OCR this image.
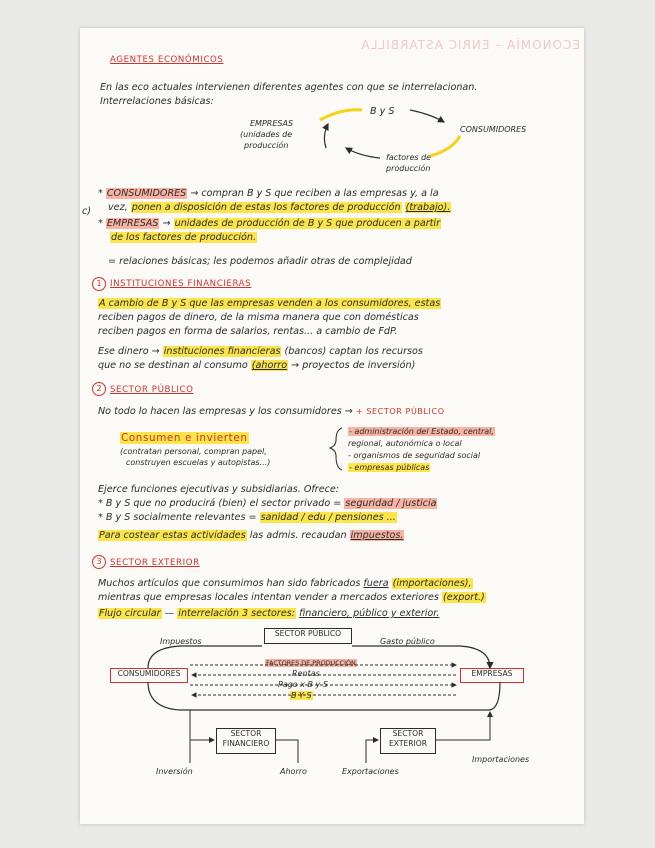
ECONOMÍA – ENRIC ASTARBILLA
AGENTES ECONÓMICOS
En las eco actuales intervienen diferentes agentes con que se interrelacionan.
Interrelaciones básicas:
EMPRESAS
(unidades de
producción
B y S
CONSUMIDORES
factores de
producción
* CONSUMIDORES → compran B y S que reciben a las empresas y, a la
c) vez, ponen a disposición de estas los factores de producción (trabajo).
* EMPRESAS → unidades de producción de B y S que producen a partir
de los factores de producción.
= relaciones básicas; les podemos añadir otras de complejidad
1 INSTITUCIONES FINANCIERAS
A cambio de B y S que las empresas venden a los consumidores, estas
reciben pagos de dinero, de la misma manera que con domésticas
reciben pagos en forma de salarios, rentas... a cambio de FdP.
Ese dinero → instituciones financieras (bancos) captan los recursos
que no se destinan al consumo (ahorro → proyectos de inversión)
2 SECTOR PÚBLICO
No todo lo hacen las empresas y los consumidores → + SECTOR PÚBLICO
Consumen e invierten
(contratan personal, compran papel,
construyen escuelas y autopistas...)
- administración del Estado, central,
regional, autonómica o local
- organismos de seguridad social
- empresas públicas
Ejerce funciones ejecutivas y subsidiarias. Ofrece:
* B y S que no producirá (bien) el sector privado = seguridad / justicia
* B y S socialmente relevantes = sanidad / edu / pensiones ...
Para costear estas actividades las admis. recaudan impuestos.
3 SECTOR EXTERIOR
Muchos artículos que consumimos han sido fabricados fuera (importaciones),
mientras que empresas locales intentan vender a mercados exteriores (export.)
Flujo circular — interrelación 3 sectores: financiero, público y exterior.
Impuestos
SECTOR PÚBLICO
Gasto público
CONSUMIDORES	EMPRESAS
FACTORES DE PRODUCCIÓN
Rentas
Pago x B y S
B Y S
SECTOR
FINANCIERO
SECTOR
EXTERIOR
Inversión	Ahorro	Exportaciones
Importaciones
